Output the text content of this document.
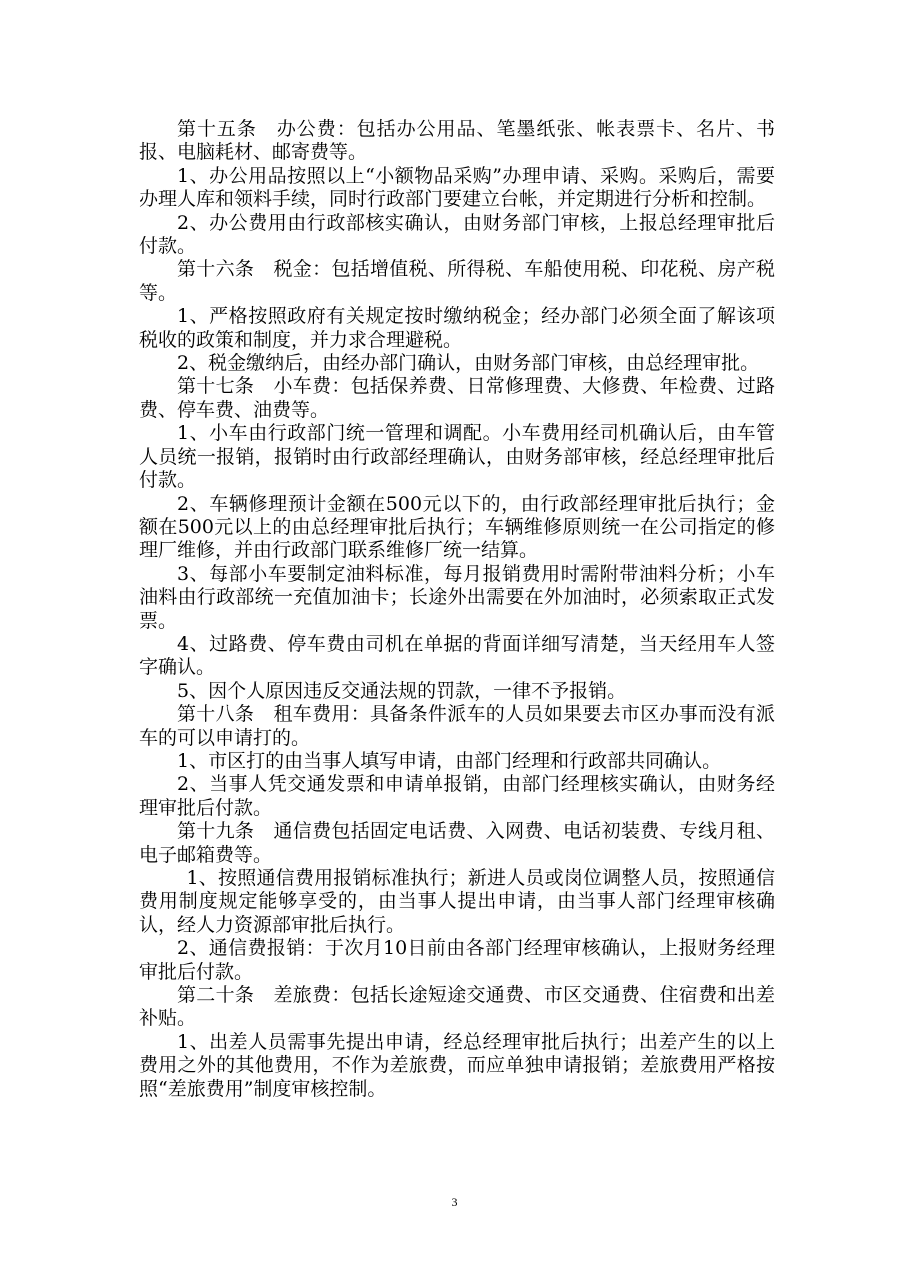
第十五条　办公费：包括办公用品、笔墨纸张、帐表票卡、名片、书报、电脑耗材、邮寄费等。

1、办公用品按照以上“小额物品采购”办理申请、采购。采购后，需要办理人库和领料手续，同时行政部门要建立台帐，并定期进行分析和控制。

2、办公费用由行政部核实确认，由财务部门审核，上报总经理审批后付款。

第十六条　税金：包括增值税、所得税、车船使用税、印花税、房产税等。

1、严格按照政府有关规定按时缴纳税金；经办部门必须全面了解该项税收的政策和制度，并力求合理避税。

2、税金缴纳后，由经办部门确认，由财务部门审核，由总经理审批。

第十七条　小车费：包括保养费、日常修理费、大修费、年检费、过路费、停车费、油费等。

1、小车由行政部门统一管理和调配。小车费用经司机确认后，由车管人员统一报销，报销时由行政部经理确认，由财务部审核，经总经理审批后付款。

2、车辆修理预计金额在500元以下的，由行政部经理审批后执行；金额在500元以上的由总经理审批后执行；车辆维修原则统一在公司指定的修理厂维修，并由行政部门联系维修厂统一结算。

3、每部小车要制定油料标准，每月报销费用时需附带油料分析；小车油料由行政部统一充值加油卡；长途外出需要在外加油时，必须索取正式发票。

4、过路费、停车费由司机在单据的背面详细写清楚，当天经用车人签字确认。

5、因个人原因违反交通法规的罚款，一律不予报销。

第十八条　租车费用：具备条件派车的人员如果要去市区办事而没有派车的可以申请打的。

1、市区打的由当事人填写申请，由部门经理和行政部共同确认。

2、当事人凭交通发票和申请单报销，由部门经理核实确认，由财务经理审批后付款。

第十九条　通信费包括固定电话费、入网费、电话初装费、专线月租、电子邮箱费等。

1、按照通信费用报销标准执行；新进人员或岗位调整人员，按照通信费用制度规定能够享受的，由当事人提出申请，由当事人部门经理审核确认，经人力资源部审批后执行。

2、通信费报销：于次月10日前由各部门经理审核确认，上报财务经理审批后付款。

第二十条　差旅费：包括长途短途交通费、市区交通费、住宿费和出差补贴。

1、出差人员需事先提出申请，经总经理审批后执行；出差产生的以上费用之外的其他费用，不作为差旅费，而应单独申请报销；差旅费用严格按照“差旅费用”制度审核控制。

3
